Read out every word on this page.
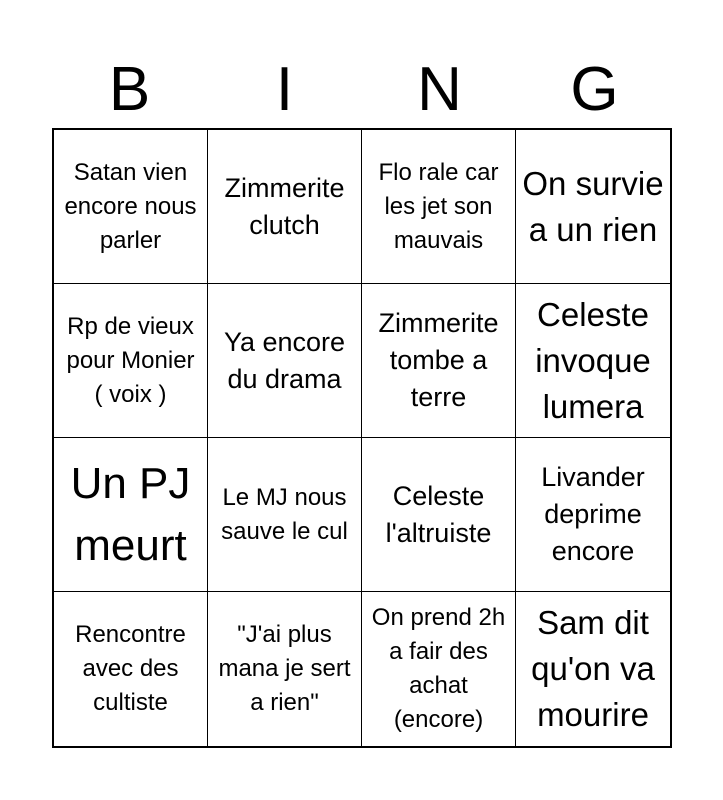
B	I	N	G
Satan vien encore nous parler
Zimmerite clutch
Flo rale car les jet son mauvais
On survie a un rien
Rp de vieux pour Monier ( voix )
Ya encore du drama
Zimmerite tombe a terre
Celeste invoque lumera
Un PJ meurt
Le MJ nous sauve le cul
Celeste l'altruiste
Livander deprime encore
Rencontre avec des cultiste
"J'ai plus mana je sert a rien"
On prend 2h a fair des achat (encore)
Sam dit qu'on va mourire
